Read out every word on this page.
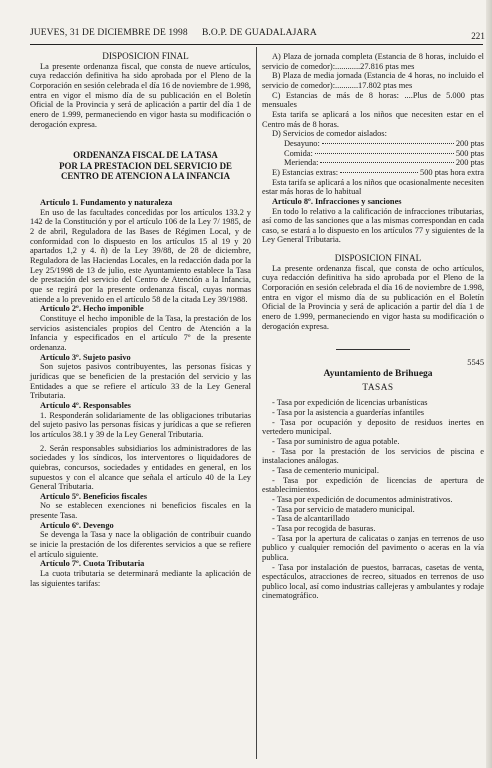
JUEVES, 31 DE DICIEMBRE DE 1998 B.O.P. DE GUADALAJARA	221

DISPOSICION FINAL

La presente ordenanza fiscal, que consta de nueve artículos, cuya redacción definitiva ha sido aprobada por el Pleno de la Corporación en sesión celebrada el día 16 de noviembre de 1.998, entra en vigor el mismo día de su publicación en el Boletín Oficial de la Provincia y será de aplicación a partir del día 1 de enero de 1.999, permaneciendo en vigor hasta su modificación o derogación expresa.

ORDENANZA FISCAL DE LA TASA

POR LA PRESTACION DEL SERVICIO DE

CENTRO DE ATENCION A LA INFANCIA

Artículo 1. Fundamento y naturaleza

En uso de las facultades concedidas por los artículos 133.2 y 142 de la Constitución y por el artículo 106 de la Ley 7/ 1985, de 2 de abril, Reguladora de las Bases de Régimen Local, y de conformidad con lo dispuesto en los artículos 15 al 19 y 20 apartados 1,2 y 4. ñ) de la Ley 39/88, de 28 de diciembre, Reguladora de las Haciendas Locales, en la redacción dada por la Ley 25/1998 de 13 de julio, este Ayuntamiento establece la Tasa de prestación del servicio del Centro de Atención a la Infancia, que se regirá por la presente ordenanza fiscal, cuyas normas atiende a lo prevenido en el artículo 58 de la citada Ley 39/1988.

Artículo 2º. Hecho imponible

Constituye el hecho imponible de la Tasa, la prestación de los servicios asistenciales propios del Centro de Atención a la Infancia y especificados en el artículo 7º de la presente ordenanza.

Artículo 3º. Sujeto pasivo

Son sujetos pasivos contribuyentes, las personas físicas y jurídicas que se beneficien de la prestación del servicio y las Entidades a que se refiere el artículo 33 de la Ley General Tributaria.

Artículo 4º. Responsables

1. Responderán solidariamente de las obligaciones tributarias del sujeto pasivo las personas físicas y jurídicas a que se refieren los artículos 38.1 y 39 de la Ley General Tributaria.

2. Serán responsables subsidiarios los administradores de las sociedades y los síndicos, los interventores o liquidadores de quiebras, concursos, sociedades y entidades en general, en los supuestos y con el alcance que señala el artículo 40 de la Ley General Tributaria.

Artículo 5º. Beneficios fiscales

No se establecen exenciones ni beneficios fiscales en la presente Tasa.

Artículo 6º. Devengo

Se devenga la Tasa y nace la obligación de contribuir cuando se inicie la prestación de los diferentes servicios a que se refiere el artículo siguiente.

Artículo 7º. Cuota Tributaria

La cuota tributaria se determinará mediante la aplicación de las siguientes tarifas:

A) Plaza de jornada completa (Estancia de 8 horas, incluido el servicio de comedor):............27.816 ptas mes

B) Plaza de media jornada (Estancia de 4 horas, no incluido el servicio de comedor):...........17.802 ptas mes

C) Estancias de más de 8 horas: ....Plus de 5.000 ptas mensuales

Esta tarifa se aplicará a los niños que necesiten estar en el Centro más de 8 horas.

D) Servicios de comedor aislados:

Desayuno:	200 ptas
Comida:	500 ptas
Merienda:	200 ptas
E) Estancias extras:	500 ptas hora extra

Esta tarifa se aplicará a los niños que ocasionalmente necesiten estar más horas de lo habitual

Artículo 8º. Infracciones y sanciones

En todo lo relativo a la calificación de infracciones tributarias, así como de las sanciones que a las mismas correspondan en cada caso, se estará a lo dispuesto en los artículos 77 y siguientes de la Ley General Tributaria.

DISPOSICION FINAL

La presente ordenanza fiscal, que consta de ocho artículos, cuya redacción definitiva ha sido aprobada por el Pleno de la Corporación en sesión celebrada el día 16 de noviembre de 1.998, entra en vigor el mismo día de su publicación en el Boletín Oficial de la Provincia y será de aplicación a partir del día 1 de enero de 1.999, permaneciendo en vigor hasta su modificación o derogación expresa.

5545

Ayuntamiento de Brihuega

TASAS

- Tasa por expedición de licencias urbanísticas

- Tasa por la asistencia a guarderías infantiles

- Tasa por ocupación y deposito de residuos inertes en vertedero municipal.

- Tasa por suministro de agua potable.

- Tasa por la prestación de los servicios de piscina e instalaciones análogas.

- Tasa de cementerio municipal.

- Tasa por expedición de licencias de apertura de establecimientos.

- Tasa por expedición de documentos administrativos.

- Tasa por servicio de matadero municipal.

- Tasa de alcantarillado

- Tasa por recogida de basuras.

- Tasa por la apertura de calicatas o zanjas en terrenos de uso publico y cualquier remoción del pavimento o aceras en la vía publica.

- Tasa por instalación de puestos, barracas, casetas de venta, espectáculos, atracciones de recreo, situados en terrenos de uso publico local, así como industrias callejeras y ambulantes y rodaje cinematográfico.
